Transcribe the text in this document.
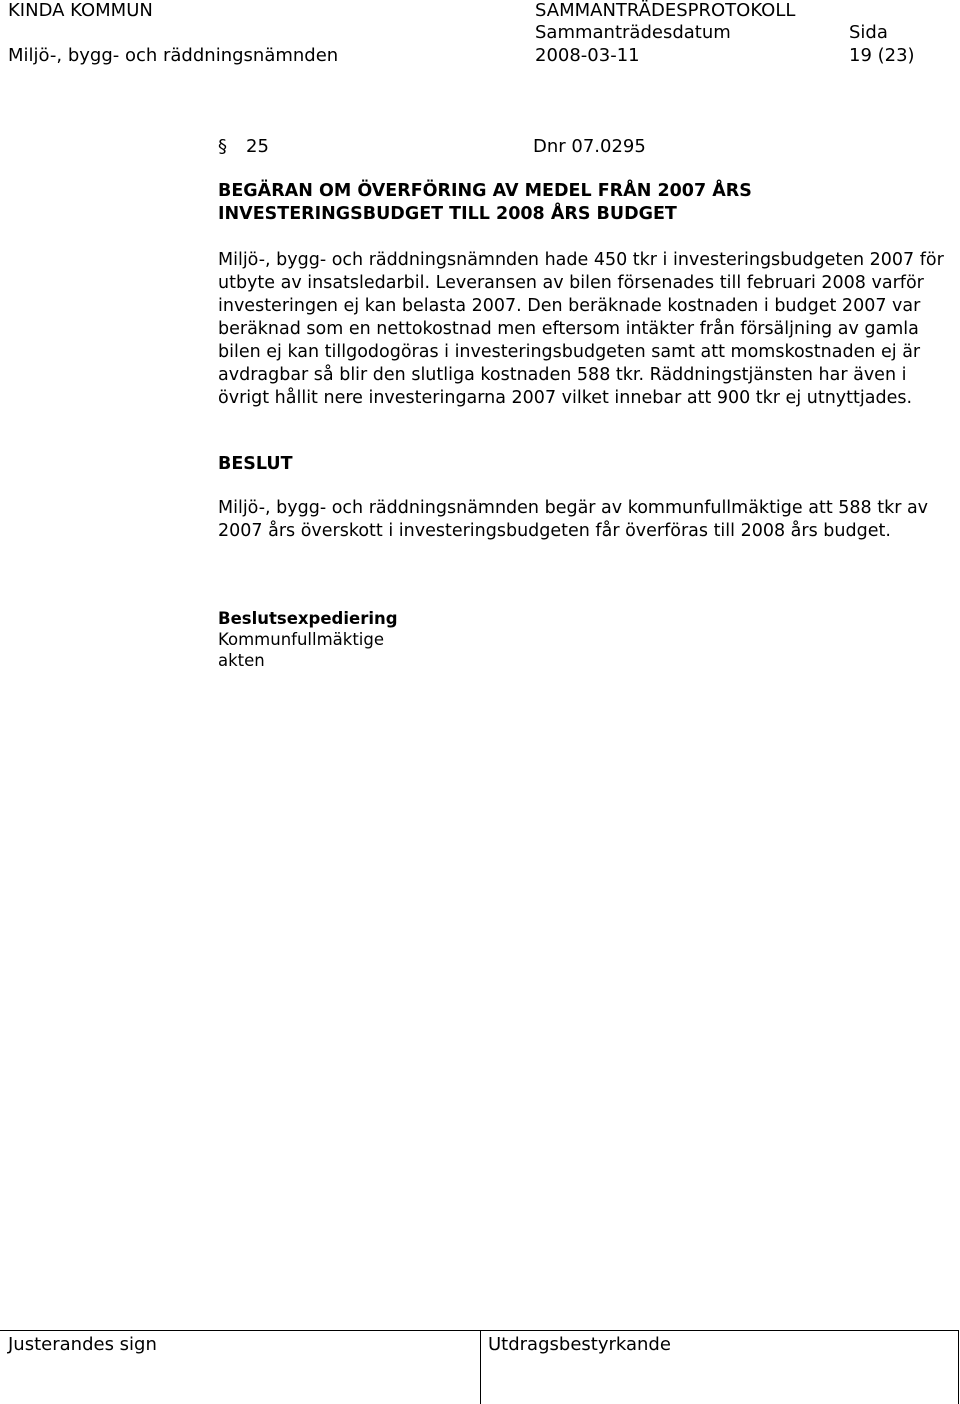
KINDA KOMMUN	SAMMANTRÄDESPROTOKOLL
Miljö-, bygg- och räddningsnämnden
Sammanträdesdatum
2008-03-11
Sida
19 (23)
§ 25	Dnr 07.0295
BEGÄRAN OM ÖVERFÖRING AV MEDEL FRÅN 2007 ÅRS
INVESTERINGSBUDGET TILL 2008 ÅRS BUDGET

Miljö-, bygg- och räddningsnämnden hade 450 tkr i investeringsbudgeten 2007 för utbyte av insatsledarbil. Leveransen av bilen försenades till februari 2008 varför investeringen ej kan belasta 2007. Den beräknade kostnaden i budget 2007 var beräknad som en nettokostnad men eftersom intäkter från försäljning av gamla bilen ej kan tillgodogöras i investeringsbudgeten samt att momskostnaden ej är avdragbar så blir den slutliga kostnaden 588 tkr. Räddningstjänsten har även i övrigt hållit nere investeringarna 2007 vilket innebar att 900 tkr ej utnyttjades.

BESLUT

Miljö-, bygg- och räddningsnämnden begär av kommunfullmäktige att 588 tkr av 2007 års överskott i investeringsbudgeten får överföras till 2008 års budget.

Beslutsexpediering
Kommunfullmäktige
akten
Justerandes sign	Utdragsbestyrkande
